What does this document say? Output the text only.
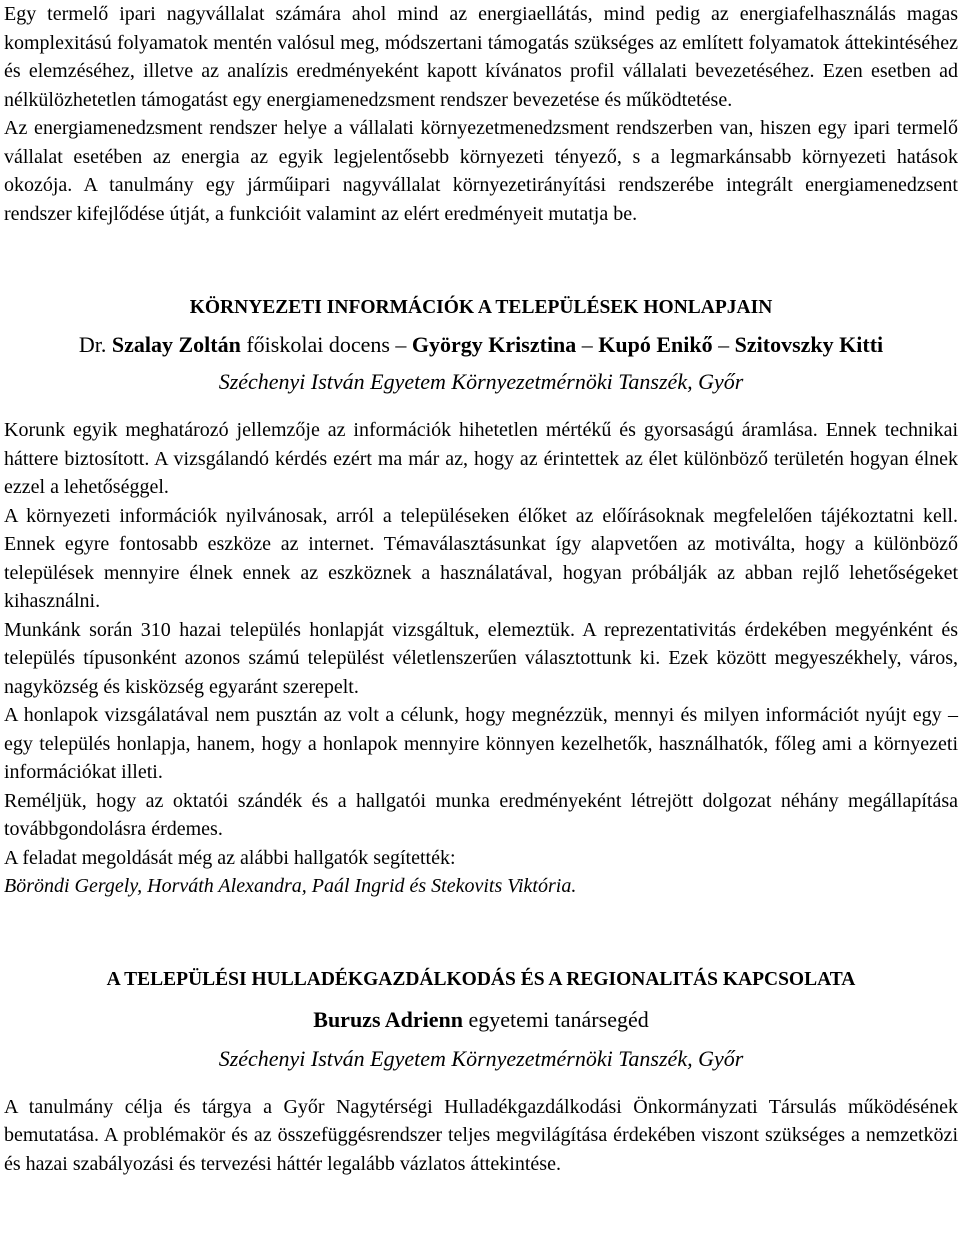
Egy termelő ipari nagyvállalat számára ahol mind az energiaellátás, mind pedig az energiafelhasználás magas komplexitású folyamatok mentén valósul meg, módszertani támogatás szükséges az említett folyamatok áttekintéséhez és elemzéséhez, illetve az analízis eredményeként kapott kívánatos profil vállalati bevezetéséhez. Ezen esetben ad nélkülözhetetlen támogatást egy energiamenedzsment rendszer bevezetése és működtetése.

Az energiamenedzsment rendszer helye a vállalati környezetmenedzsment rendszerben van, hiszen egy ipari termelő vállalat esetében az energia az egyik legjelentősebb környezeti tényező, s a legmarkánsabb környezeti hatások okozója. A tanulmány egy járműipari nagyvállalat környezetirányítási rendszerébe integrált energiamenedzsent rendszer kifejlődése útját, a funkcióit valamint az elért eredményeit mutatja be.

KÖRNYEZETI INFORMÁCIÓK A TELEPÜLÉSEK HONLAPJAIN

Dr. Szalay Zoltán főiskolai docens – György Krisztina – Kupó Enikő – Szitovszky Kitti

Széchenyi István Egyetem Környezetmérnöki Tanszék, Győr

Korunk egyik meghatározó jellemzője az információk hihetetlen mértékű és gyorsaságú áramlása. Ennek technikai háttere biztosított. A vizsgálandó kérdés ezért ma már az, hogy az érintettek az élet különböző területén hogyan élnek ezzel a lehetőséggel.

A környezeti információk nyilvánosak, arról a településeken élőket az előírásoknak megfelelően tájékoztatni kell. Ennek egyre fontosabb eszköze az internet. Témaválasztásunkat így alapvetően az motiválta, hogy a különböző települések mennyire élnek ennek az eszköznek a használatával, hogyan próbálják az abban rejlő lehetőségeket kihasználni.

Munkánk során 310 hazai település honlapját vizsgáltuk, elemeztük. A reprezentativitás érdekében megyénként és település típusonként azonos számú települést véletlenszerűen választottunk ki. Ezek között megyeszékhely, város, nagyközség és kisközség egyaránt szerepelt.

A honlapok vizsgálatával nem pusztán az volt a célunk, hogy megnézzük, mennyi és milyen információt nyújt egy – egy település honlapja, hanem, hogy a honlapok mennyire könnyen kezelhetők, használhatók, főleg ami a környezeti információkat illeti.

Reméljük, hogy az oktatói szándék és a hallgatói munka eredményeként létrejött dolgozat néhány megállapítása továbbgondolásra érdemes.

A feladat megoldását még az alábbi hallgatók segítették:

Böröndi Gergely, Horváth Alexandra, Paál Ingrid és Stekovits Viktória.

A TELEPÜLÉSI HULLADÉKGAZDÁLKODÁS ÉS A REGIONALITÁS KAPCSOLATA

Buruzs Adrienn egyetemi tanársegéd

Széchenyi István Egyetem Környezetmérnöki Tanszék, Győr

A tanulmány célja és tárgya a Győr Nagytérségi Hulladékgazdálkodási Önkormányzati Társulás működésének bemutatása. A problémakör és az összefüggésrendszer teljes megvilágítása érdekében viszont szükséges a nemzetközi és hazai szabályozási és tervezési háttér legalább vázlatos áttekintése.
